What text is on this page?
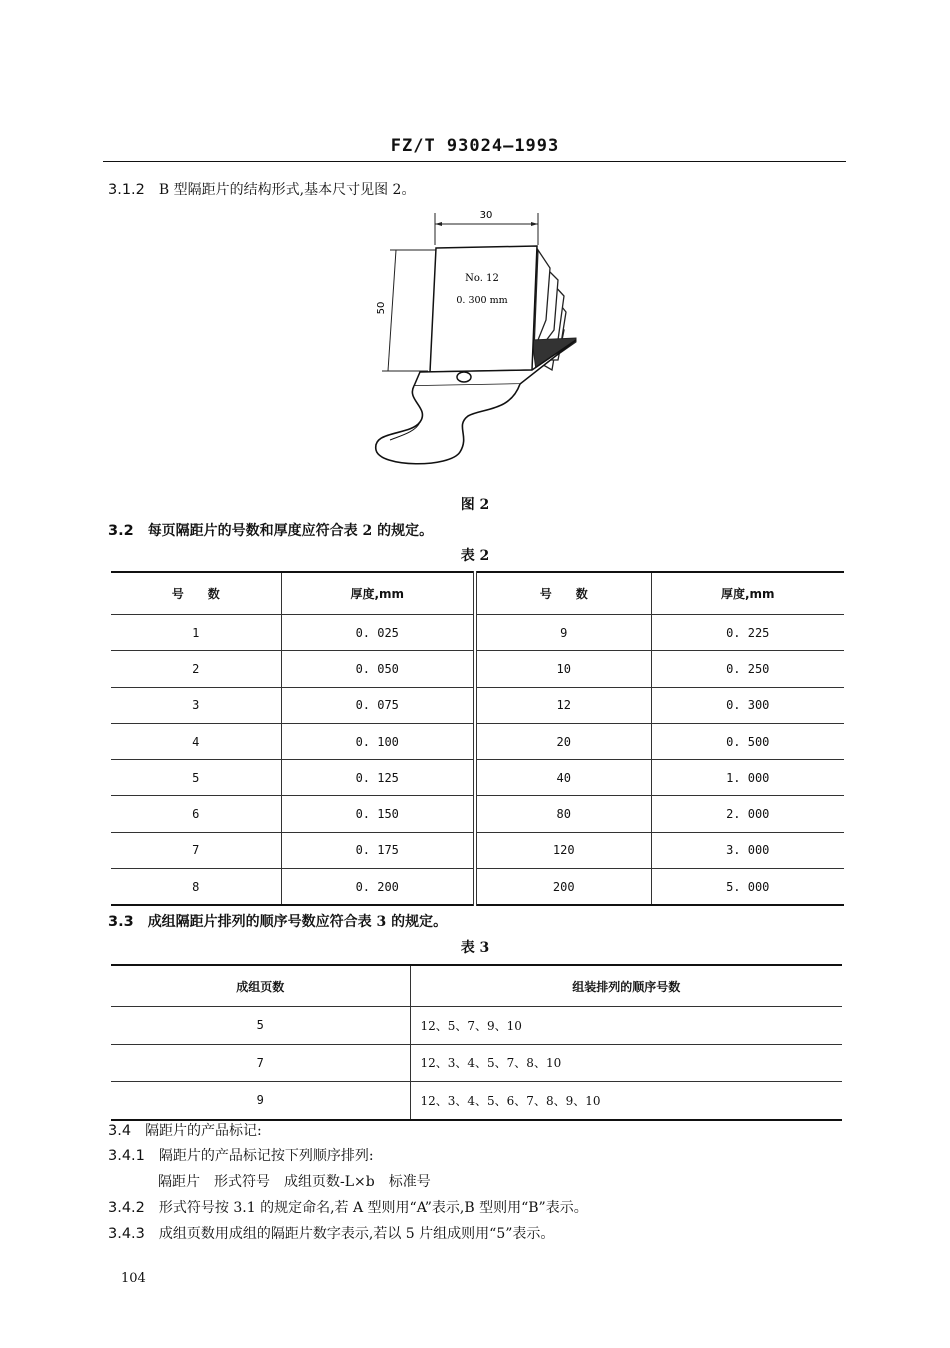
FZ/T 93024—1993
3.1.2 B 型隔距片的结构形式,基本尺寸见图 2。
30
50
No. 12
0. 300 mm
图 2
3.2 每页隔距片的号数和厚度应符合表 2 的规定。
表 2
号　　数	厚度,mm	号　　数	厚度,mm
1	0. 025	9	0. 225
2	0. 050	10	0. 250
3	0. 075	12	0. 300
4	0. 100	20	0. 500
5	0. 125	40	1. 000
6	0. 150	80	2. 000
7	0. 175	120	3. 000
8	0. 200	200	5. 000
3.3 成组隔距片排列的顺序号数应符合表 3 的规定。
表 3
成组页数	组装排列的顺序号数
5	12、5、7、9、10
7	12、3、4、5、7、8、10
9	12、3、4、5、6、7、8、9、10
3.4 隔距片的产品标记:
3.4.1 隔距片的产品标记按下列顺序排列:
隔距片　形式符号　成组页数-L×b　标准号
3.4.2 形式符号按 3.1 的规定命名,若 A 型则用“A”表示,B 型则用“B”表示。
3.4.3 成组页数用成组的隔距片数字表示,若以 5 片组成则用“5”表示。
104
